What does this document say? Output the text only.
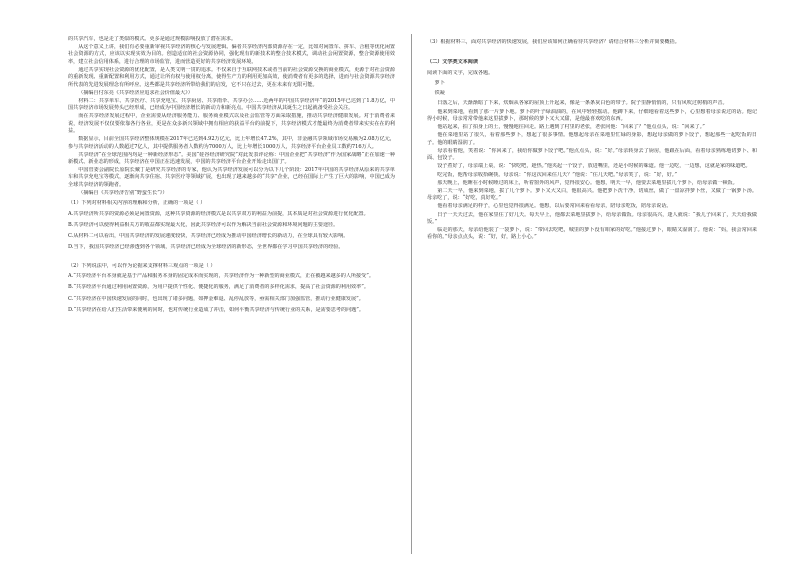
的共享汽车，也是走了类似的模式。更多是通过规模影响投放了潜在需求。

从这个意义上讲，我们有必要重新审视共享经济的核心与发展逻辑。偏者共享经济内部资源存在一定，比如对闲置车、拼车、合租等优化闲置社会资源的方式，应该以实现实效为目的。创造适宜的社会资源协同，强化现有的新技术的整合技术模式，调动社会闲置资源，整合资源使用效率，建立社会信用体系，进行合理的市场监管，进而营造更好的共享经济发展环境。

通过共享实现社会资源的优化配置，是人类文明一贯的追求。不仅来自于互联网技术或者当前的社会资源交换的商业模式，更源于对社会资源的重新发现、重新配置和利用方式，通过让所有权与使用权分离，使得生产力的利用更加高效，使消费者有更多的选择，进而与社会资源共享经济所代表的先进发展理念有所呼应。这些都是共享经济所带给我们的启发，它不只在过去，更在未来有无限可能。

（摘编自付东亮《共享经济应追求社会价值最大》）

材料二：共享单车、共享医疗、共享充电宝、共享厨房、共享雨伞、共享办公……近两年的中国共享经济年“的2015年已达到了1.8万亿，中国共享经济市场发展势头已经形成，已经成为中国经济增长的新动力和新亮点。中国共享经济从其诞生之日起就备受社会关注。

而在共享经济发展过程中，企业需要从经济服务能力、服务商业模式以及社会监管等方面采取措施，推动共享经济健康发展。对于消费者来说，经济发展不仅仅要依靠各行各业，更是在众多新兴领域中拥有相应的获益平台的前提下，共享经济模式才能最终为消费者带来实实在在的利益。

数据显示，目前全国共享经济整体规模在2017年已达到4.92万亿元，比上年增长47.2%，其中，非金融共享领域市场交易额为2.08万亿元，参与共享经济活动的人数超过7亿人，其中提供服务者人数约为7000万人，比上年增长1000万人，共享经济平台企业员工数约716万人。

共享经济“在全球范围内均是一种新经济形态”。美国“硅谷经济研究院”对此发表评论称：中国企业把“共享经济”作为国家战略“正在加速一种新模式、新业态的形成，共享经济在中国正在迅速发展，中国的共享经济平台企业开始走出国门”。

中国管委会副院长原院长戴丁是研究共享经济的专家，他认为共享经济发展可以分为以下几个阶段：2017年中国的共享经济从原来的共享单车和共享充电宝等模式，逐渐向共享住宿、共享医疗等领域扩展，也出现了越来越多的“共享”企业，已经在国际上产生了巨大的影响，中国已成为全球共享经济的领跑者。

（摘编自《共享经济告别“野蛮生长”》）

（1）下列对材料相关内容的理解和分析，正确的一项是（ ）

A.共享经济所共享的资源必须是闲置资源，这种共享资源的经济模式是以共享双方的利益为前提，其本质是对社会资源进行优化配置。

B.共享经济可以使得利益相关方的收益都实现最大化，因此共享经济可以作为解决当前社会资源和环境问题的主要途径。

C.从材料二可以看出，中国共享经济的发展速度较快，共享经济已经成为推动中国经济增长的新动力，在全球具有较大影响。

D.当下，我国共享经济已经渗透到各个领域，共享经济已经成为全球经济的新形态，全世界都在学习中国共享经济的经验。

（2）下列说法中，可以作为论据来支撑材料三观点的一项是（ ）

A.“共享经济平台本身就是基于产品和服务本身的固定成本而实现的，共享经济作为一种新型的商业模式，正在被越来越多的人所接受”。

B.“共享经济平台通过利用闲置资源，为用户提供个性化、便捷化的服务，满足了消费者的多样化需求，提高了社会资源的利用效率”。

C.“共享经济在中国快速发展的同时，也出现了诸多问题，如押金难退、乱停乱放等，亟需相关部门加强监管，推动行业健康发展”。

D.“共享经济在给人们生活带来便利的同时，也对传统行业造成了冲击，如何平衡共享经济与传统行业的关系，是需要思考的问题”。

（3）根据材料三，面对共享经济的快速发展，我们应该如何正确看待共享经济？请结合材料三分析并简要概括。

（二）文学类文本阅读

阅读下面的文字，完成各题。

萝卜

铁凝

日落之后，天渐渐暗了下来，炊烟从各家的屋顶上升起来，像是一条条灰白色的带子。院子里静悄悄的，只有风吹过树梢的声音。

他来到菜地，看到了那一片萝卜地。萝卜的叶子绿油油的，在风中轻轻摇动。他蹲下来，仔细地看着这些萝卜，心里想着母亲说过的话。他记得小时候，母亲常常带他来这里拔萝卜，那时候的萝卜又大又甜，是他最喜欢吃的东西。

他站起来，拍了拍身上的土，慢慢地往回走。路上遇到了村里的老张，老张问他：“回来了？”他点点头，说：“回来了。”

他在菜地里站了很久，看着那些萝卜，想起了很多事情。他想起母亲在菜地里忙碌的身影，想起母亲做的萝卜饺子，想起那些一起吃饭的日子。他的眼睛湿润了。

母亲看着他，笑着说：“你回来了，我给你做萝卜饺子吧。”他点点头，说：“好。”母亲转身去了厨房，他跟在后面，看着母亲熟练地切萝卜、和面、包饺子。

饺子煮好了，母亲端上桌，说：“快吃吧，趁热。”他夹起一个饺子，放进嘴里，还是小时候的味道。他一边吃，一边想，这就是家的味道吧。

吃完饭，他帮母亲收拾碗筷。母亲说：“你这次回来住几天？”他说：“住几天吧。”母亲笑了，说：“好，好。”

那天晚上，他睡在小时候睡过的床上，听着窗外的风声，觉得很安心。他想，明天一早，他要去菜地里拔几个萝卜，给母亲做一顿饭。

第二天一早，他来到菜地，拔了几个萝卜。萝卜又大又白，他很高兴。他把萝卜洗干净，切成丝，做了一盘凉拌萝卜丝，又做了一锅萝卜汤。母亲吃了，说：“好吃，真好吃。”

他看着母亲满足的样子，心里也觉得很满足。他想，以后要常回来看看母亲，陪母亲吃饭，陪母亲说话。

日子一天天过去，他在家里住了好几天。每天早上，他都去菜地里拔萝卜，给母亲做饭。母亲很高兴，逢人就说：“我儿子回来了，天天给我做饭。”

临走的那天，母亲给他装了一袋萝卜，说：“带回去吃吧，城里的萝卜没有咱家的好吃。”他接过萝卜，眼睛又湿润了。他说：“妈，我会常回来看你的。”母亲点点头，说：“好，好，路上小心。”
